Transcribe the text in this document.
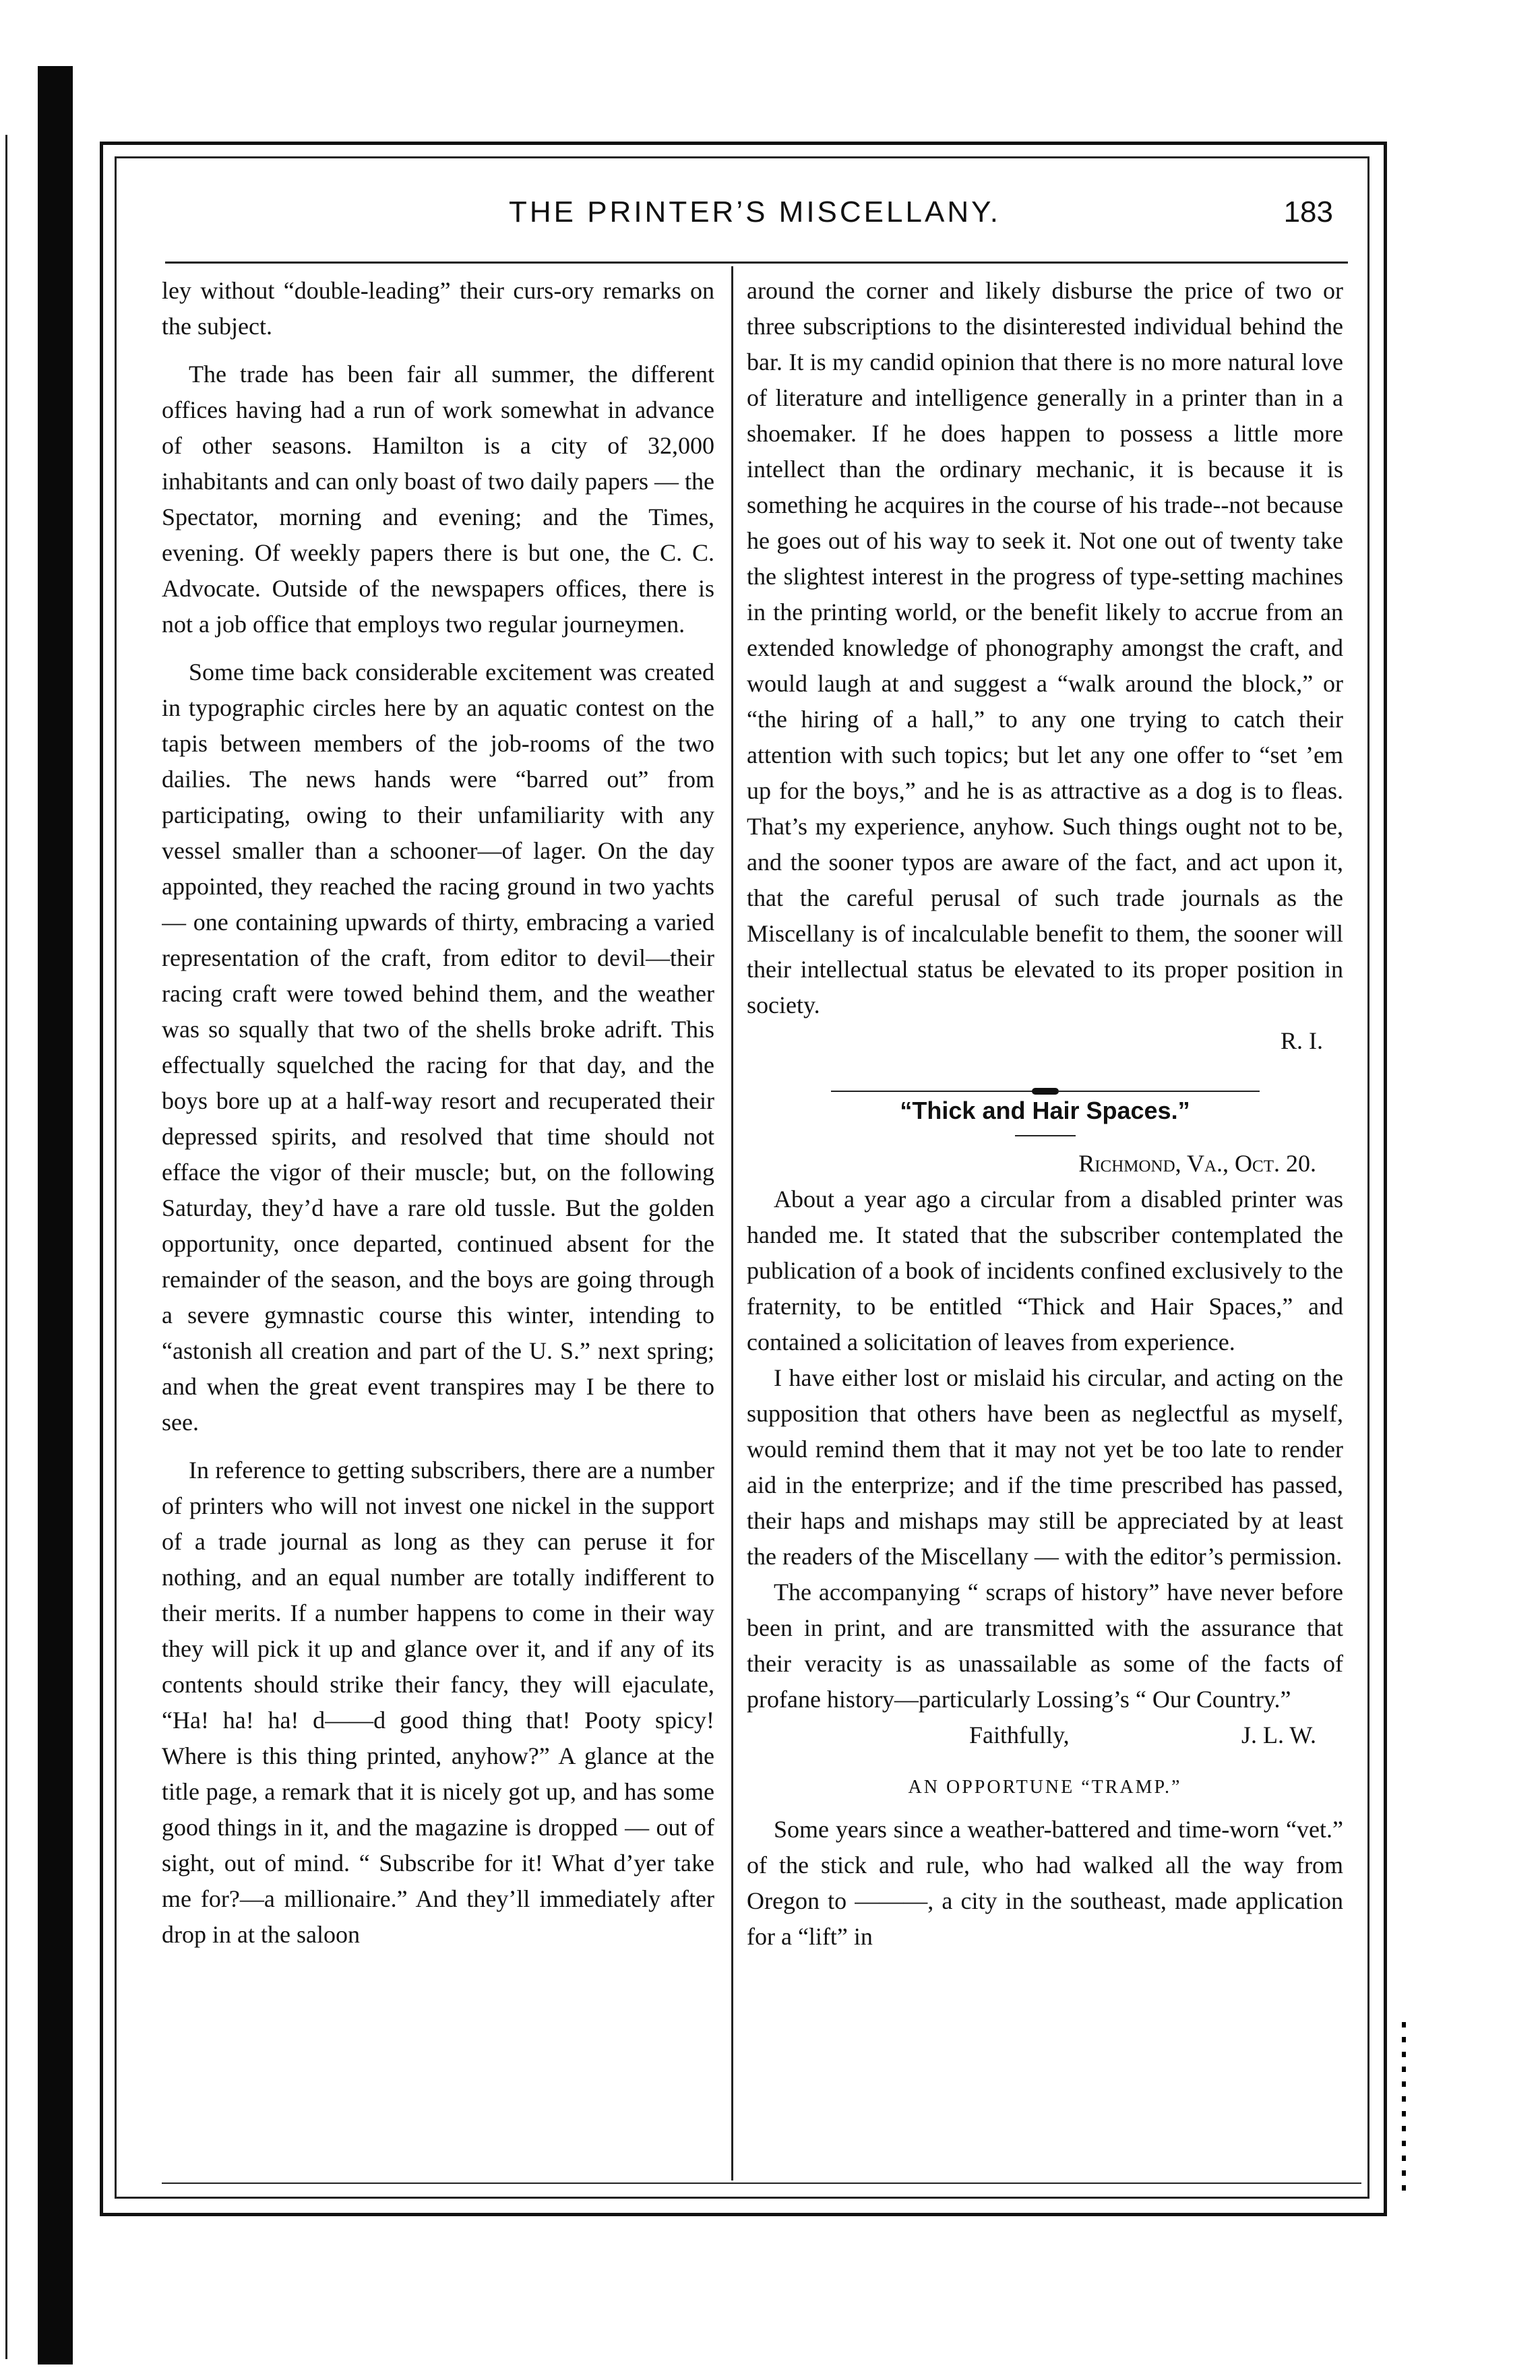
THE PRINTER’S MISCELLANY.	183

ley without “double-leading” their curs-ory remarks on the subject.

The trade has been fair all summer, the different offices having had a run of work somewhat in advance of other seasons. Hamilton is a city of 32,000 inhabitants and can only boast of two daily papers — the Spectator, morning and evening; and the Times, evening. Of weekly papers there is but one, the C. C. Advocate. Outside of the newspapers offices, there is not a job office that employs two regular journeymen.

Some time back considerable excitement was created in typographic circles here by an aquatic contest on the tapis between members of the job-rooms of the two dailies. The news hands were “barred out” from participating, owing to their unfamiliarity with any vessel smaller than a schooner—of lager. On the day appointed, they reached the racing ground in two yachts — one containing upwards of thirty, embracing a varied representation of the craft, from editor to devil—their racing craft were towed behind them, and the weather was so squally that two of the shells broke adrift. This effectually squelched the racing for that day, and the boys bore up at a half-way resort and recuperated their depressed spirits, and resolved that time should not efface the vigor of their muscle; but, on the following Saturday, they’d have a rare old tussle. But the golden opportunity, once departed, continued absent for the remainder of the season, and the boys are going through a severe gymnastic course this winter, intending to “astonish all creation and part of the U. S.” next spring; and when the great event transpires may I be there to see.

In reference to getting subscribers, there are a number of printers who will not invest one nickel in the support of a trade journal as long as they can peruse it for nothing, and an equal number are totally indifferent to their merits. If a number happens to come in their way they will pick it up and glance over it, and if any of its contents should strike their fancy, they will ejaculate, “Ha! ha! ha! d——d good thing that! Pooty spicy! Where is this thing printed, anyhow?” A glance at the title page, a remark that it is nicely got up, and has some good things in it, and the magazine is dropped — out of sight, out of mind. “ Subscribe for it! What d’yer take me for?—a millionaire.” And they’ll immediately after drop in at the saloon

around the corner and likely disburse the price of two or three subscriptions to the disinterested individual behind the bar. It is my candid opinion that there is no more natural love of literature and intelligence generally in a printer than in a shoemaker. If he does happen to possess a little more intellect than the ordinary mechanic, it is because it is something he acquires in the course of his trade--not because he goes out of his way to seek it. Not one out of twenty take the slightest interest in the progress of type-setting machines in the printing world, or the benefit likely to accrue from an extended knowledge of phonography amongst the craft, and would laugh at and suggest a “walk around the block,” or “the hiring of a hall,” to any one trying to catch their attention with such topics; but let any one offer to “set ’em up for the boys,” and he is as attractive as a dog is to fleas. That’s my experience, anyhow. Such things ought not to be, and the sooner typos are aware of the fact, and act upon it, that the careful perusal of such trade journals as the Miscellany is of incalculable benefit to them, the sooner will their intellectual status be elevated to its proper position in society.

R. I.

“Thick and Hair Spaces.”

Richmond, Va., Oct. 20.

About a year ago a circular from a disabled printer was handed me. It stated that the subscriber contemplated the publication of a book of incidents confined exclusively to the fraternity, to be entitled “Thick and Hair Spaces,” and contained a solicitation of leaves from experience.

I have either lost or mislaid his circular, and acting on the supposition that others have been as neglectful as myself, would remind them that it may not yet be too late to render aid in the enterprize; and if the time prescribed has passed, their haps and mishaps may still be appreciated by at least the readers of the Miscellany — with the editor’s permission.

The accompanying “ scraps of history” have never before been in print, and are transmitted with the assurance that their veracity is as unassailable as some of the facts of profane history—particularly Lossing’s “ Our Country.”

Faithfully,	J. L. W.
AN OPPORTUNE “TRAMP.”

Some years since a weather-battered and time-worn “vet.” of the stick and rule, who had walked all the way from Oregon to ———, a city in the southeast, made application for a “lift” in
